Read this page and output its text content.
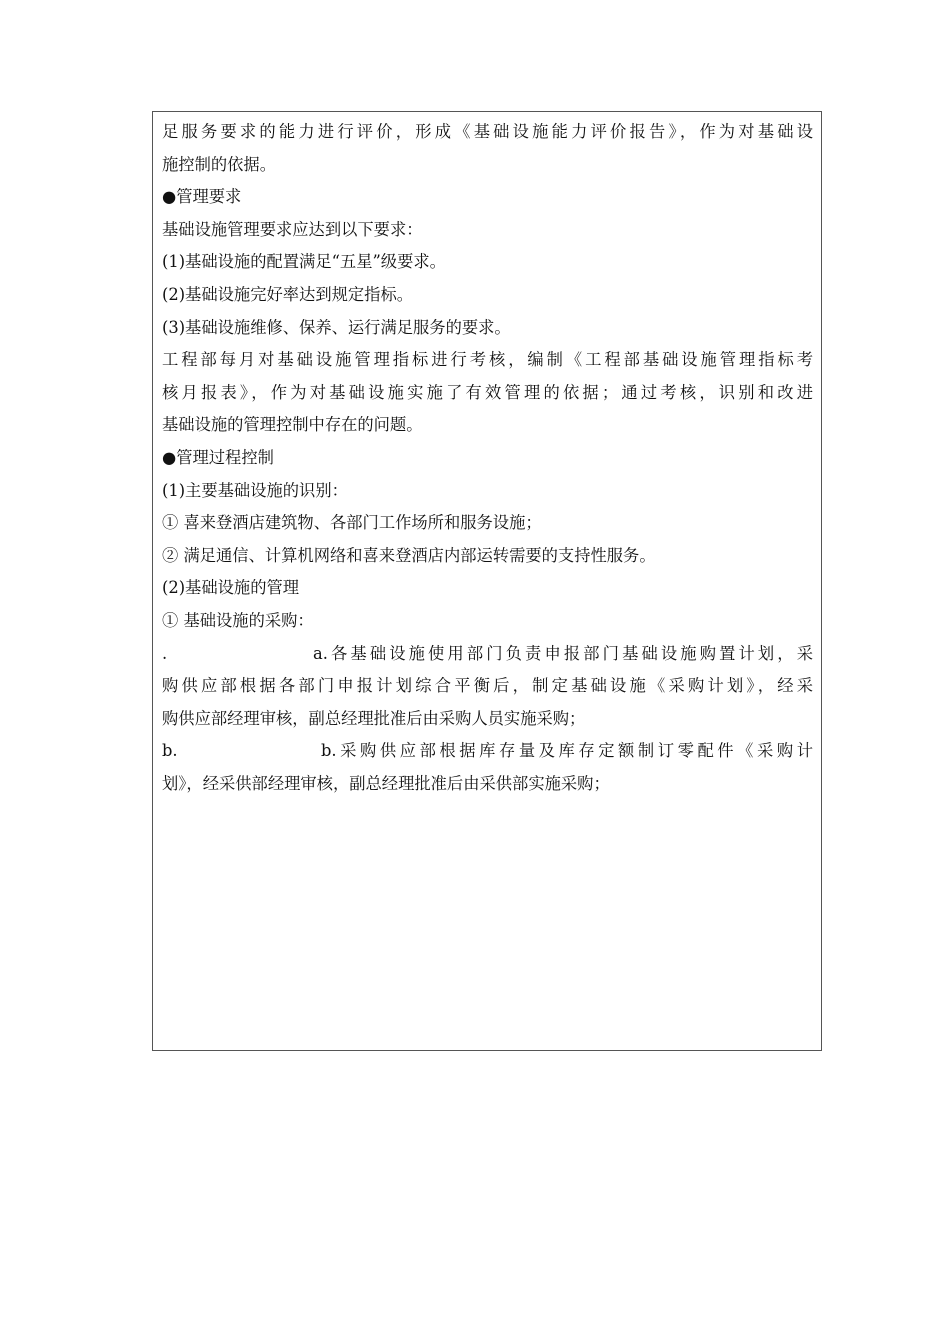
足服务要求的能力进行评价，形成《基础设施能力评价报告》，作为对基础设
施控制的依据。
●管理要求
基础设施管理要求应达到以下要求：
(1)基础设施的配置满足“五星”级要求。
(2)基础设施完好率达到规定指标。
(3)基础设施维修、保养、运行满足服务的要求。
工程部每月对基础设施管理指标进行考核，编制《工程部基础设施管理指标考
核月报表》，作为对基础设施实施了有效管理的依据；通过考核，识别和改进
基础设施的管理控制中存在的问题。
●管理过程控制
(1)主要基础设施的识别：
① 喜来登酒店建筑物、各部门工作场所和服务设施；
② 满足通信、计算机网络和喜来登酒店内部运转需要的支持性服务。
(2)基础设施的管理
① 基础设施的采购：
.	a.各基础设施使用部门负责申报部门基础设施购置计划，采
购供应部根据各部门申报计划综合平衡后，制定基础设施《采购计划》，经采
购供应部经理审核，副总经理批准后由采购人员实施采购；
b.	b.采购供应部根据库存量及库存定额制订零配件《采购计
划》，经采供部经理审核，副总经理批准后由采供部实施采购；
